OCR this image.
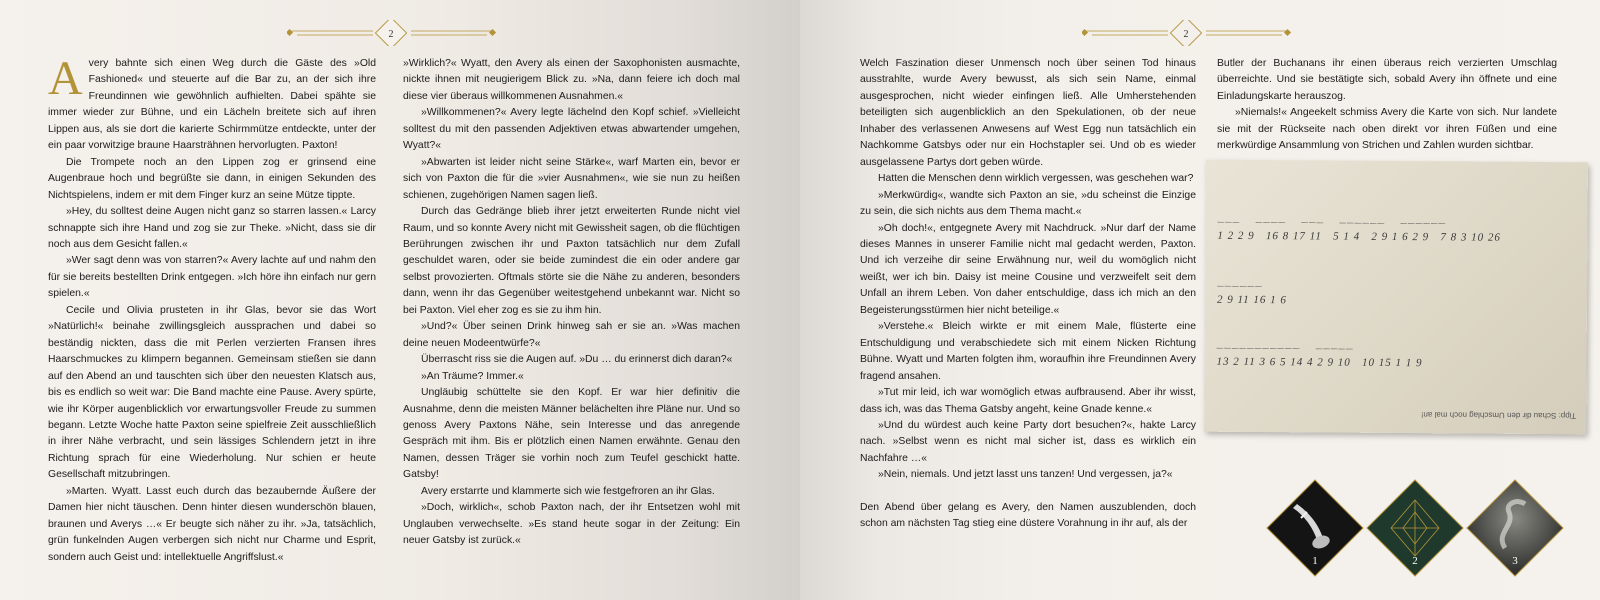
2

Avery bahnte sich einen Weg durch die Gäste des »Old Fashioned« und steuerte auf die Bar zu, an der sich ihre Freundinnen wie gewöhnlich aufhielten. Dabei spähte sie immer wieder zur Bühne, und ein Lächeln breitete sich auf ihren Lippen aus, als sie dort die karierte Schirmmütze entdeckte, unter der ein paar vorwitzige braune Haarsträhnen hervorlugten. Paxton!

Die Trompete noch an den Lippen zog er grinsend eine Augenbraue hoch und begrüßte sie dann, in einigen Sekunden des Nichtspielens, indem er mit dem Finger kurz an seine Mütze tippte.

»Hey, du solltest deine Augen nicht ganz so starren lassen.« Larcy schnappte sich ihre Hand und zog sie zur Theke. »Nicht, dass sie dir noch aus dem Gesicht fallen.«

»Wer sagt denn was von starren?« Avery lachte auf und nahm den für sie bereits bestellten Drink entgegen. »Ich höre ihn einfach nur gern spielen.«

Cecile und Olivia prusteten in ihr Glas, bevor sie das Wort »Natürlich!« beinahe zwillingsgleich aussprachen und dabei so beständig nickten, dass die mit Perlen verzierten Fransen ihres Haarschmuckes zu klimpern begannen. Gemeinsam stießen sie dann auf den Abend an und tauschten sich über den neuesten Klatsch aus, bis es endlich so weit war: Die Band machte eine Pause. Avery spürte, wie ihr Körper augenblicklich vor erwartungsvoller Freude zu summen begann. Letzte Woche hatte Paxton seine spielfreie Zeit ausschließlich in ihrer Nähe verbracht, und sein lässiges Schlendern jetzt in ihre Richtung sprach für eine Wiederholung. Nur schien er heute Gesellschaft mitzubringen.

»Marten. Wyatt. Lasst euch durch das bezaubernde Äußere der Damen hier nicht täuschen. Denn hinter diesen wunderschön blauen, braunen und Averys …« Er beugte sich näher zu ihr. »Ja, tatsächlich, grün funkelnden Augen verbergen sich nicht nur Charme und Esprit, sondern auch Geist und: intellektuelle Angriffslust.«

»Wirklich?« Wyatt, den Avery als einen der Saxophonisten ausmachte, nickte ihnen mit neugierigem Blick zu. »Na, dann feiere ich doch mal diese vier überaus willkommenen Ausnahmen.«

»Willkommenen?« Avery legte lächelnd den Kopf schief. »Vielleicht solltest du mit den passenden Adjektiven etwas abwartender umgehen, Wyatt?«

»Abwarten ist leider nicht seine Stärke«, warf Marten ein, bevor er sich von Paxton die für die »vier Ausnahmen«, wie sie nun zu heißen schienen, zugehörigen Namen sagen ließ.

Durch das Gedränge blieb ihrer jetzt erweiterten Runde nicht viel Raum, und so konnte Avery nicht mit Gewissheit sagen, ob die flüchtigen Berührungen zwischen ihr und Paxton tatsächlich nur dem Zufall geschuldet waren, oder sie beide zumindest die ein oder andere gar selbst provozierten. Oftmals störte sie die Nähe zu anderen, besonders dann, wenn ihr das Gegenüber weitestgehend unbekannt war. Nicht so bei Paxton. Viel eher zog es sie zu ihm hin.

»Und?« Über seinen Drink hinweg sah er sie an. »Was machen deine neuen Modeentwürfe?«

Überrascht riss sie die Augen auf. »Du … du erinnerst dich daran?«

»An Träume? Immer.«

Ungläubig schüttelte sie den Kopf. Er war hier definitiv die Ausnahme, denn die meisten Männer belächelten ihre Pläne nur. Und so genoss Avery Paxtons Nähe, sein Interesse und das anregende Gespräch mit ihm. Bis er plötzlich einen Namen erwähnte. Genau den Namen, dessen Träger sie vorhin noch zum Teufel geschickt hatte. Gatsby!

Avery erstarrte und klammerte sich wie festgefroren an ihr Glas.

»Doch, wirklich«, schob Paxton nach, der ihr Entsetzen wohl mit Unglauben verwechselte. »Es stand heute sogar in der Zeitung: Ein neuer Gatsby ist zurück.«

2

Welch Faszination dieser Unmensch noch über seinen Tod hinaus ausstrahlte, wurde Avery bewusst, als sich sein Name, einmal ausgesprochen, nicht wieder einfingen ließ. Alle Umherstehenden beteiligten sich augenblicklich an den Spekulationen, ob der neue Inhaber des verlassenen Anwesens auf West Egg nun tatsächlich ein Nachkomme Gatsbys oder nur ein Hochstapler sei. Und ob es wieder ausgelassene Partys dort geben würde.

Hatten die Menschen denn wirklich vergessen, was geschehen war?

»Merkwürdig«, wandte sich Paxton an sie, »du scheinst die Einzige zu sein, die sich nichts aus dem Thema macht.«

»Oh doch!«, entgegnete Avery mit Nachdruck. »Nur darf der Name dieses Mannes in unserer Familie nicht mal gedacht werden, Paxton. Und ich verzeihe dir seine Erwähnung nur, weil du womöglich nicht weißt, wer ich bin. Daisy ist meine Cousine und verzweifelt seit dem Unfall an ihrem Leben. Von daher entschuldige, dass ich mich an den Begeisterungsstürmen hier nicht beteilige.«

»Verstehe.« Bleich wirkte er mit einem Male, flüsterte eine Entschuldigung und verabschiedete sich mit einem Nicken Richtung Bühne. Wyatt und Marten folgten ihm, woraufhin ihre Freundinnen Avery fragend ansahen.

»Tut mir leid, ich war womöglich etwas aufbrausend. Aber ihr wisst, dass ich, was das Thema Gatsby angeht, keine Gnade kenne.«

»Und du würdest auch keine Party dort besuchen?«, hakte Larcy nach. »Selbst wenn es nicht mal sicher ist, dass es wirklich ein Nachfahre …«

»Nein, niemals. Und jetzt lasst uns tanzen! Und vergessen, ja?«

Den Abend über gelang es Avery, den Namen auszublenden, doch schon am nächsten Tag stieg eine düstere Vorahnung in ihr auf, als der

Butler der Buchanans ihr einen überaus reich verzierten Umschlag überreichte. Und sie bestätigte sich, sobald Avery ihn öffnete und eine Einladungskarte herauszog.

»Niemals!« Angeekelt schmiss Avery die Karte von sich. Nur landete sie mit der Rückseite nach oben direkt vor ihren Füßen und eine merkwürdige Ansammlung von Strichen und Zahlen wurden sichtbar.

___  ____  ___  ______  ______
1 2 2 9   16 8 17 11   5 1 4   2 9 1 6 2 9   7 8 3 10 26
______
2 9 11 16 1 6
___________  _____
13 2 11 3 6 5 14 4 2 9 10   10 15 1 1 9
Tipp: Schau dir den Umschlag noch mal an!
1	2	3
